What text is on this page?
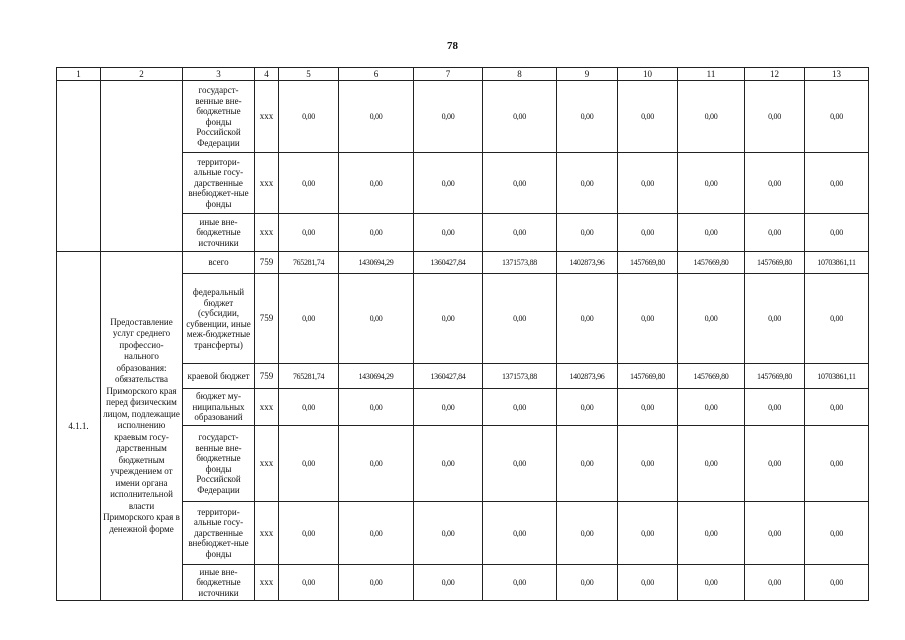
78
1	2	3	4	5	6	7	8	9	10	11	12	13
		государст-венные вне-бюджетные фонды Российской Федерации	xxx	0,00	0,00	0,00	0,00	0,00	0,00	0,00	0,00	0,00
		территори-альные госу-дарственные внебюджет-ные фонды	xxx	0,00	0,00	0,00	0,00	0,00	0,00	0,00	0,00	0,00
		иные вне-бюджетные источники	xxx	0,00	0,00	0,00	0,00	0,00	0,00	0,00	0,00	0,00
4.1.1.	Предоставление услуг среднего профессио-нального образования: обязательства Приморского края перед физическим лицом, подлежащие исполнению краевым госу-дарственным бюджетным учреждением от имени органа исполнительной власти Приморского края в денежной форме	всего	759	765281,74	1430694,29	1360427,84	1371573,88	1402873,96	1457669,80	1457669,80	1457669,80	10703861,11
		федеральный бюджет (субсидии, субвенции, иные меж-бюджетные трансферты)	759	0,00	0,00	0,00	0,00	0,00	0,00	0,00	0,00	0,00
		краевой бюджет	759	765281,74	1430694,29	1360427,84	1371573,88	1402873,96	1457669,80	1457669,80	1457669,80	10703861,11
		бюджет му-ниципальных образований	xxx	0,00	0,00	0,00	0,00	0,00	0,00	0,00	0,00	0,00
		государст-венные вне-бюджетные фонды Российской Федерации	xxx	0,00	0,00	0,00	0,00	0,00	0,00	0,00	0,00	0,00
		территори-альные госу-дарственные внебюджет-ные фонды	xxx	0,00	0,00	0,00	0,00	0,00	0,00	0,00	0,00	0,00
		иные вне-бюджетные источники	xxx	0,00	0,00	0,00	0,00	0,00	0,00	0,00	0,00	0,00
